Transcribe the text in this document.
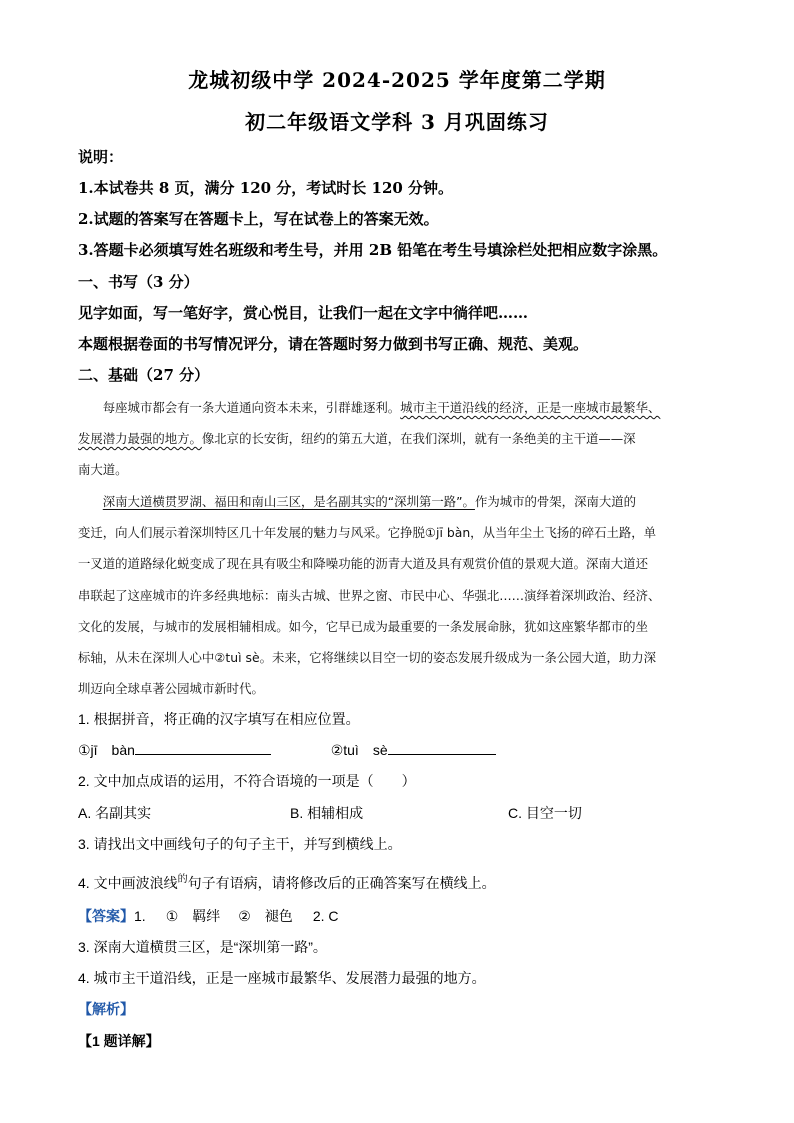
龙城初级中学 2024-2025 学年度第二学期
初二年级语文学科 3 月巩固练习
说明：
1.本试卷共 8 页，满分 120 分，考试时长 120 分钟。
2.试题的答案写在答题卡上，写在试卷上的答案无效。
3.答题卡必须填写姓名班级和考生号，并用 2B 铅笔在考生号填涂栏处把相应数字涂黑。
一、书写（3 分）
见字如面，写一笔好字，赏心悦目，让我们一起在文字中徜徉吧……
本题根据卷面的书写情况评分，请在答题时努力做到书写正确、规范、美观。
二、基础（27 分）
　　每座城市都会有一条大道通向资本未来，引群雄逐利。城市主干道沿线的经济，正是一座城市最繁华、
发展潜力最强的地方。像北京的长安街，纽约的第五大道，在我们深圳，就有一条绝美的主干道——深
南大道。
　　深南大道横贯罗湖、福田和南山三区，是名副其实的“深圳第一路”。作为城市的骨架，深南大道的
变迁，向人们展示着深圳特区几十年发展的魅力与风采。它挣脱①jī bàn，从当年尘土飞扬的碎石土路，单
一叉道的道路绿化蜕变成了现在具有吸尘和降噪功能的沥青大道及具有观赏价值的景观大道。深南大道还
串联起了这座城市的许多经典地标：南头古城、世界之窗、市民中心、华强北……演绎着深圳政治、经济、
文化的发展，与城市的发展相辅相成。如今，它早已成为最重要的一条发展命脉，犹如这座繁华都市的坐
标轴，从未在深圳人心中②tuì sè。未来，它将继续以目空一切的姿态发展升级成为一条公园大道，助力深
圳迈向全球卓著公园城市新时代。
1. 根据拼音，将正确的汉字填写在相应位置。
①jī　bàn	②tuì　sè
2. 文中加点成语的运用，不符合语境的一项是（　　）
A. 名副其实	B. 相辅相成	C. 目空一切
3. 请找出文中画线句子的句子主干，并写到横线上。
4. 文中画波浪线$^的$句子有语病，请将修改后的正确答案写在横线上。
【答案】1. ①　羁绊 ②　褪色 2. C
3. 深南大道横贯三区，是“深圳第一路”。
4. 城市主干道沿线，正是一座城市最繁华、发展潜力最强的地方。
【解析】
【1 题详解】
